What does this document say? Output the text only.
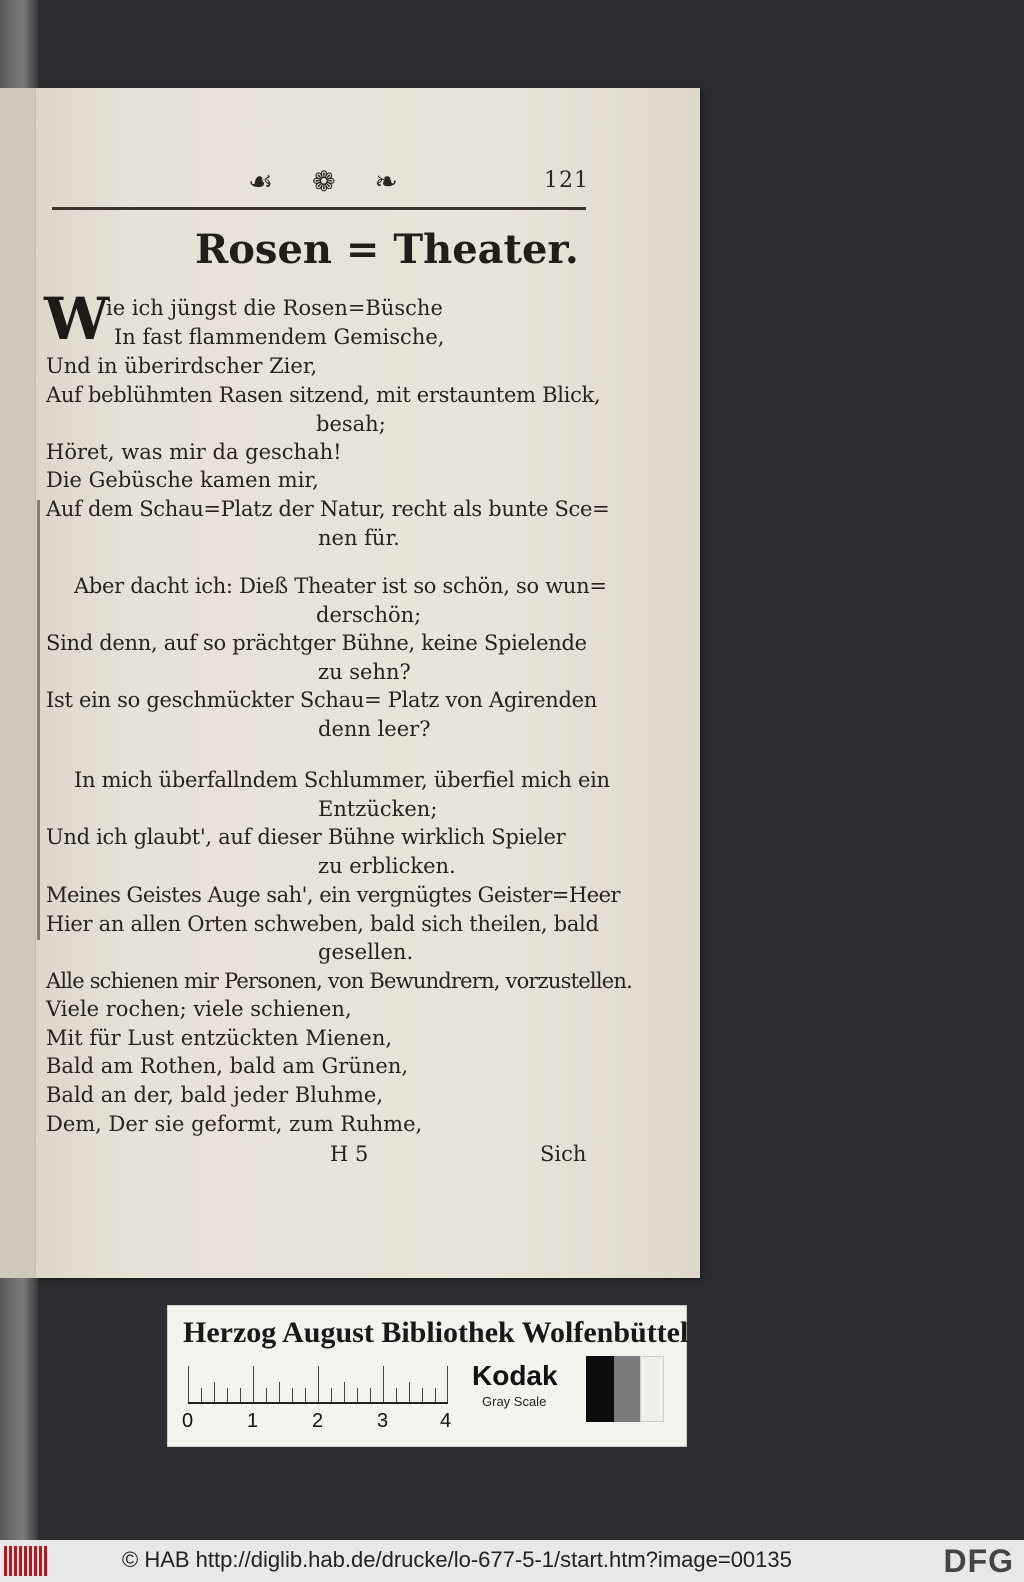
☙ ❁ ❧	121
Rosen = Theater.
W
ie ich jüngst die Rosen=Büsche
In fast flammendem Gemische,
Und in überirdscher Zier,
Auf beblühmten Rasen sitzend, mit erstauntem Blick,
besah;
Höret, was mir da geschah!
Die Gebüsche kamen mir,
Auf dem Schau=Platz der Natur, recht als bunte Sce=
nen für.
Aber dacht ich: Dieß Theater ist so schön, so wun=
derschön;
Sind denn, auf so prächtger Bühne, keine Spielende
zu sehn?
Ist ein so geschmückter Schau= Platz von Agirenden
denn leer?
In mich überfallndem Schlummer, überfiel mich ein
Entzücken;
Und ich glaubt', auf dieser Bühne wirklich Spieler
zu erblicken.
Meines Geistes Auge sah', ein vergnügtes Geister=Heer
Hier an allen Orten schweben, bald sich theilen, bald
gesellen.
Alle schienen mir Personen, von Bewundrern, vorzustellen.
Viele rochen; viele schienen,
Mit für Lust entzückten Mienen,
Bald am Rothen, bald am Grünen,
Bald an der, bald jeder Bluhme,
Dem, Der sie geformt, zum Ruhme,
H 5	Sich
Herzog August Bibliothek Wolfenbüttel
0	1	2	3	4
Kodak
Gray Scale
© HAB http://diglib.hab.de/drucke/lo-677-5-1/start.htm?image=00135	DFG
